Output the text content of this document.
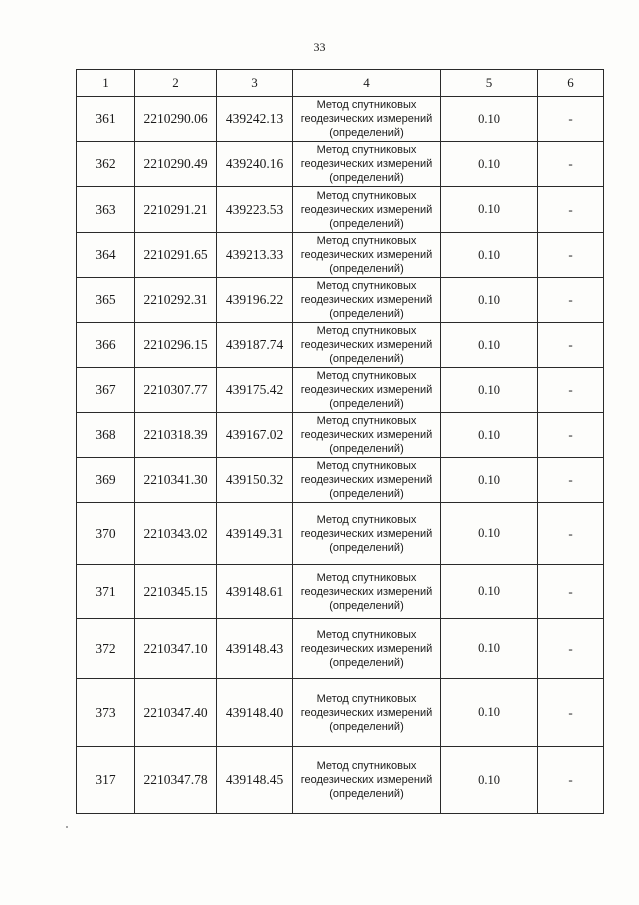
33
1	2	3	4	5	6
361	2210290.06	439242.13	Метод спутниковых
геодезических измерений
(определений)	0.10	-
362	2210290.49	439240.16	Метод спутниковых
геодезических измерений
(определений)	0.10	-
363	2210291.21	439223.53	Метод спутниковых
геодезических измерений
(определений)	0.10	-
364	2210291.65	439213.33	Метод спутниковых
геодезических измерений
(определений)	0.10	-
365	2210292.31	439196.22	Метод спутниковых
геодезических измерений
(определений)	0.10	-
366	2210296.15	439187.74	Метод спутниковых
геодезических измерений
(определений)	0.10	-
367	2210307.77	439175.42	Метод спутниковых
геодезических измерений
(определений)	0.10	-
368	2210318.39	439167.02	Метод спутниковых
геодезических измерений
(определений)	0.10	-
369	2210341.30	439150.32	Метод спутниковых
геодезических измерений
(определений)	0.10	-
370	2210343.02	439149.31	Метод спутниковых
геодезических измерений
(определений)	0.10	-
371	2210345.15	439148.61	Метод спутниковых
геодезических измерений
(определений)	0.10	-
372	2210347.10	439148.43	Метод спутниковых
геодезических измерений
(определений)	0.10	-
373	2210347.40	439148.40	Метод спутниковых
геодезических измерений
(определений)	0.10	-
317	2210347.78	439148.45	Метод спутниковых
геодезических измерений
(определений)	0.10	-
